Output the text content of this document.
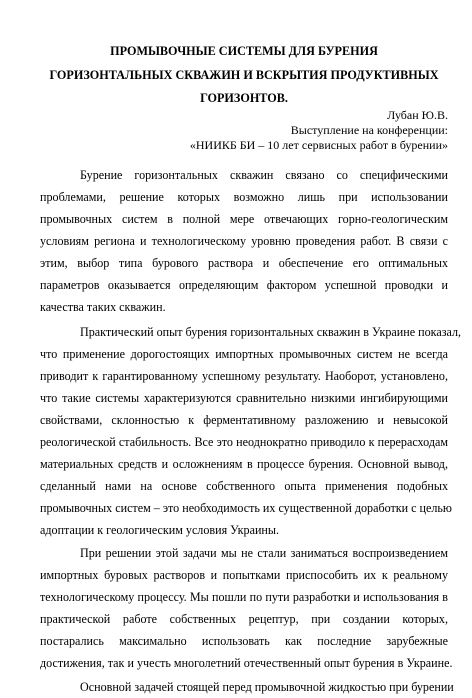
ПРОМЫВОЧНЫЕ СИСТЕМЫ ДЛЯ БУРЕНИЯ
ГОРИЗОНТАЛЬНЫХ СКВАЖИН И ВСКРЫТИЯ ПРОДУКТИВНЫХ
ГОРИЗОНТОВ.
Лубан Ю.В.
Выступление на конференции:
«НИИКБ БИ – 10 лет сервисных работ в бурении»

Бурение горизонтальных скважин связано со специфическими
проблемами, решение которых возможно лишь при использовании
промывочных систем в полной мере отвечающих горно-геологическим
условиям региона и технологическому уровню проведения работ. В связи с
этим, выбор типа бурового раствора и обеспечение его оптимальных
параметров оказывается определяющим фактором успешной проводки и
качества таких скважин.

Практический опыт бурения горизонтальных скважин в Украине показал,
что применение дорогостоящих импортных промывочных систем не всегда
приводит к гарантированному успешному результату. Наоборот, установлено,
что такие системы характеризуются сравнительно низкими ингибирующими
свойствами, склонностью к ферментативному разложению и невысокой
реологической стабильность. Все это неоднократно приводило к перерасходам
материальных средств и осложнениям в процессе бурения. Основной вывод,
сделанный нами на основе собственного опыта применения подобных
промывочных систем – это необходимость их существенной доработки с целью
адоптации к геологическим условия Украины.

При решении этой задачи мы не стали заниматься воспроизведением
импортных буровых растворов и попытками приспособить их к реальному
технологическому процессу. Мы пошли по пути разработки и использования в
практической работе собственных рецептур, при создании которых,
постарались максимально использовать как последние зарубежные
достижения, так и учесть многолетний отечественный опыт бурения в Украине.

Основной задачей стоящей перед промывочной жидкостью при бурении
